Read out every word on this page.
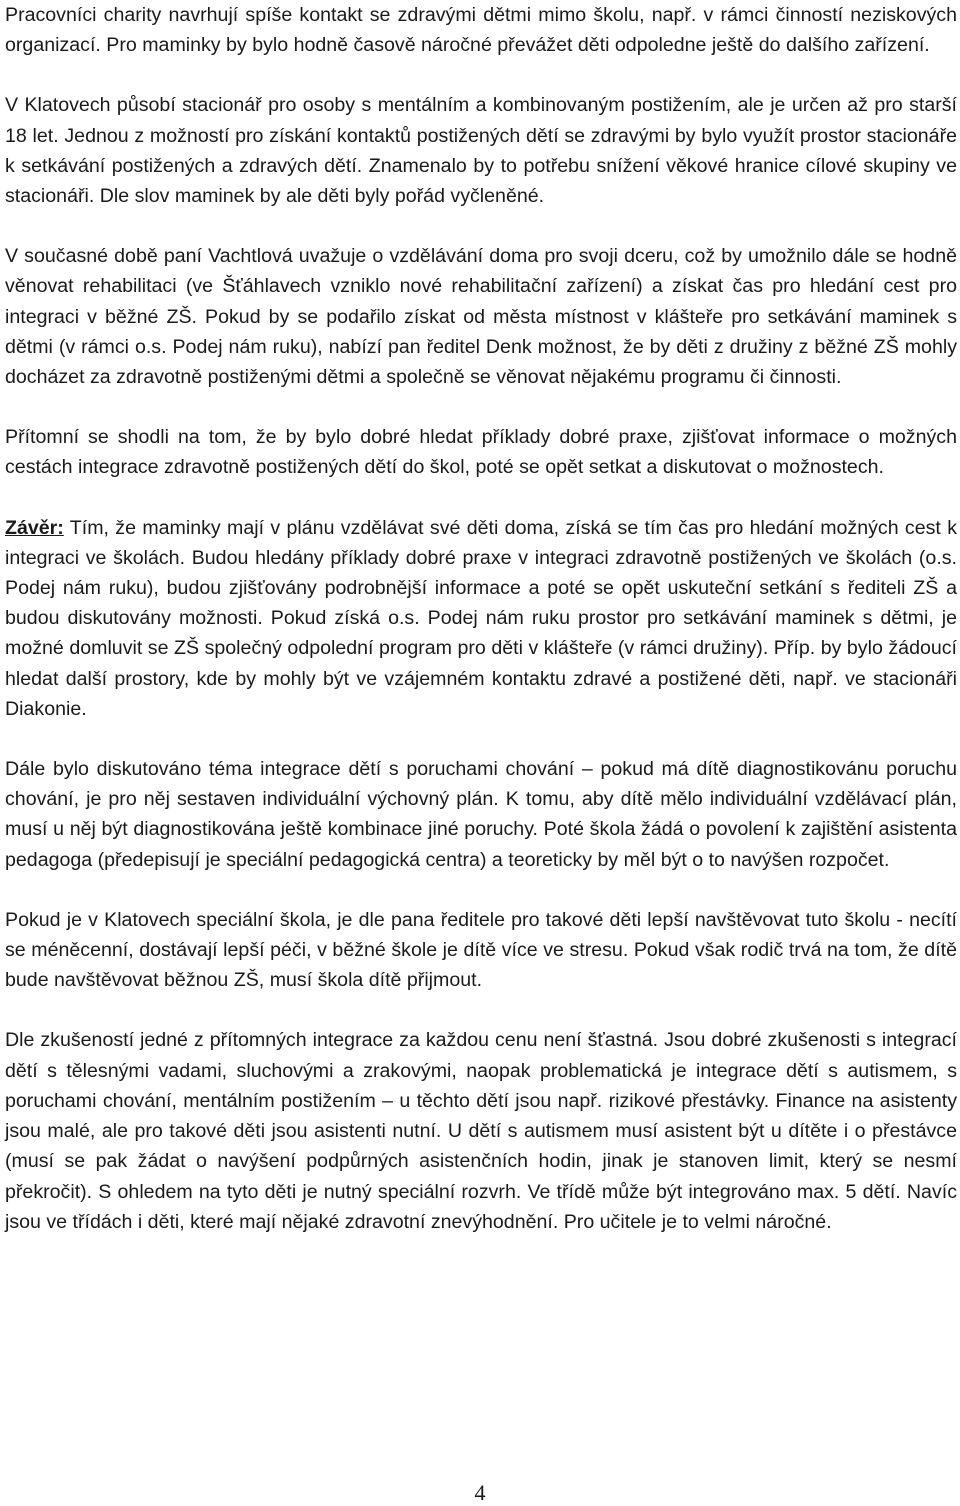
Pracovníci charity navrhují spíše kontakt se zdravými dětmi mimo školu, např. v rámci činností neziskových organizací. Pro maminky by bylo hodně časově náročné převážet děti odpoledne ještě do dalšího zařízení.

V Klatovech působí stacionář pro osoby s mentálním a kombinovaným postižením, ale je určen až pro starší 18 let. Jednou z možností pro získání kontaktů postižených dětí se zdravými by bylo využít prostor stacionáře k setkávání postižených a zdravých dětí. Znamenalo by to potřebu snížení věkové hranice cílové skupiny ve stacionáři. Dle slov maminek by ale děti byly pořád vyčleněné.

V současné době paní Vachtlová uvažuje o vzdělávání doma pro svoji dceru, což by umožnilo dále se hodně věnovat rehabilitaci (ve Šťáhlavech vzniklo nové rehabilitační zařízení) a získat čas pro hledání cest pro integraci v běžné ZŠ. Pokud by se podařilo získat od města místnost v klášteře pro setkávání maminek s dětmi (v rámci o.s. Podej nám ruku), nabízí pan ředitel Denk možnost, že by děti z družiny z běžné ZŠ mohly docházet za zdravotně postiženými dětmi a společně se věnovat nějakému programu či činnosti.

Přítomní se shodli na tom, že by bylo dobré hledat příklady dobré praxe, zjišťovat informace o možných cestách integrace zdravotně postižených dětí do škol, poté se opět setkat a diskutovat o možnostech.

Závěr: Tím, že maminky mají v plánu vzdělávat své děti doma, získá se tím čas pro hledání možných cest k integraci ve školách. Budou hledány příklady dobré praxe v integraci zdravotně postižených ve školách (o.s. Podej nám ruku), budou zjišťovány podrobnější informace a poté se opět uskuteční setkání s řediteli ZŠ a budou diskutovány možnosti. Pokud získá o.s. Podej nám ruku prostor pro setkávání maminek s dětmi, je možné domluvit se ZŠ společný odpolední program pro děti v klášteře (v rámci družiny). Příp. by bylo žádoucí hledat další prostory, kde by mohly být ve vzájemném kontaktu zdravé a postižené děti, např. ve stacionáři Diakonie.

Dále bylo diskutováno téma integrace dětí s poruchami chování – pokud má dítě diagnostikovánu poruchu chování, je pro něj sestaven individuální výchovný plán. K tomu, aby dítě mělo individuální vzdělávací plán, musí u něj být diagnostikována ještě kombinace jiné poruchy. Poté škola žádá o povolení k zajištění asistenta pedagoga (předepisují je speciální pedagogická centra) a teoreticky by měl být o to navýšen rozpočet.

Pokud je v Klatovech speciální škola, je dle pana ředitele pro takové děti lepší navštěvovat tuto školu - necítí se méněcenní, dostávají lepší péči, v běžné škole je dítě více ve stresu. Pokud však rodič trvá na tom, že dítě bude navštěvovat běžnou ZŠ, musí škola dítě přijmout.

Dle zkušeností jedné z přítomných integrace za každou cenu není šťastná. Jsou dobré zkušenosti s integrací dětí s tělesnými vadami, sluchovými a zrakovými, naopak problematická je integrace dětí s autismem, s poruchami chování, mentálním postižením – u těchto dětí jsou např. rizikové přestávky. Finance na asistenty jsou malé, ale pro takové děti jsou asistenti nutní. U dětí s autismem musí asistent být u dítěte i o přestávce (musí se pak žádat o navýšení podpůrných asistenčních hodin, jinak je stanoven limit, který se nesmí překročit). S ohledem na tyto děti je nutný speciální rozvrh. Ve třídě může být integrováno max. 5 dětí. Navíc jsou ve třídách i děti, které mají nějaké zdravotní znevýhodnění. Pro učitele je to velmi náročné.

4
